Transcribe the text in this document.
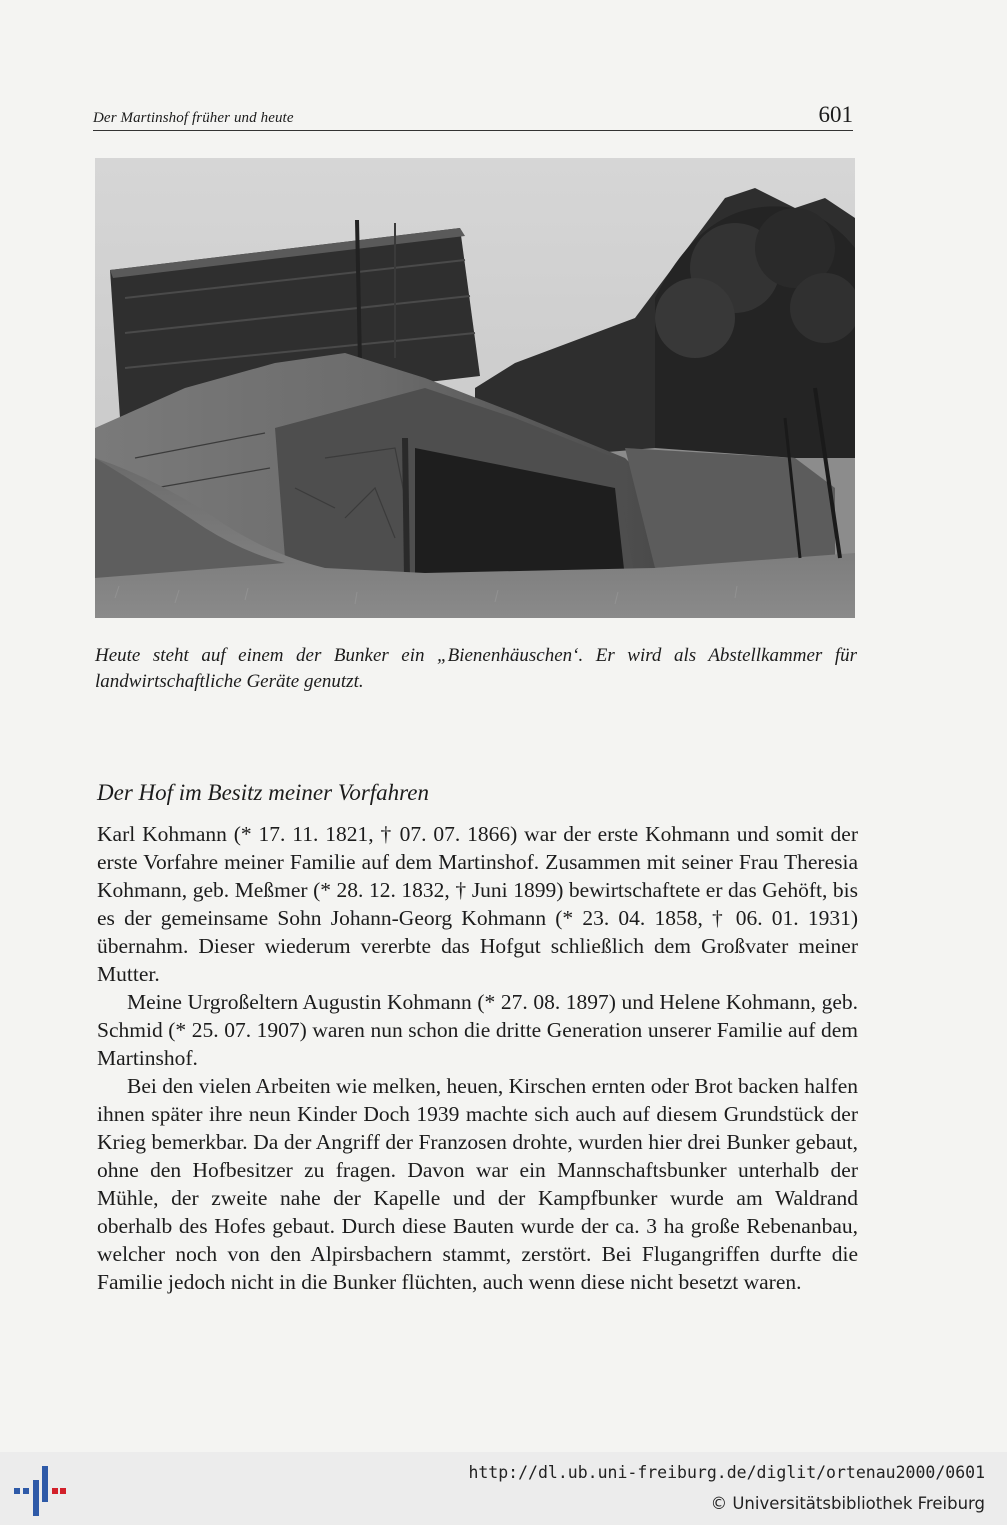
Der Martinshof früher und heute	601
Heute steht auf einem der Bunker ein „Bienenhäuschen‘. Er wird als Abstellkammer für landwirtschaftliche Geräte genutzt.
Der Hof im Besitz meiner Vorfahren

Karl Kohmann (* 17. 11. 1821, † 07. 07. 1866) war der erste Kohmann und somit der erste Vorfahre meiner Familie auf dem Martinshof. Zusammen mit seiner Frau Theresia Kohmann, geb. Meßmer (* 28. 12. 1832, † Juni 1899) bewirtschaftete er das Gehöft, bis es der gemeinsame Sohn Johann-Georg Kohmann (* 23. 04. 1858, † 06. 01. 1931) übernahm. Dieser wiederum vererbte das Hofgut schließlich dem Großvater meiner Mutter.

Meine Urgroßeltern Augustin Kohmann (* 27. 08. 1897) und Helene Kohmann, geb. Schmid (* 25. 07. 1907) waren nun schon die dritte Generation unserer Familie auf dem Martinshof.

Bei den vielen Arbeiten wie melken, heuen, Kirschen ernten oder Brot backen halfen ihnen später ihre neun Kinder Doch 1939 machte sich auch auf diesem Grundstück der Krieg bemerkbar. Da der Angriff der Franzosen drohte, wurden hier drei Bunker gebaut, ohne den Hofbesitzer zu fragen. Davon war ein Mannschaftsbunker unterhalb der Mühle, der zweite nahe der Kapelle und der Kampfbunker wurde am Waldrand oberhalb des Hofes gebaut. Durch diese Bauten wurde der ca. 3 ha große Rebenanbau, welcher noch von den Alpirsbachern stammt, zerstört. Bei Flugangriffen durfte die Familie jedoch nicht in die Bunker flüchten, auch wenn diese nicht besetzt waren.

http://dl.ub.uni-freiburg.de/diglit/ortenau2000/0601
© Universitätsbibliothek Freiburg
